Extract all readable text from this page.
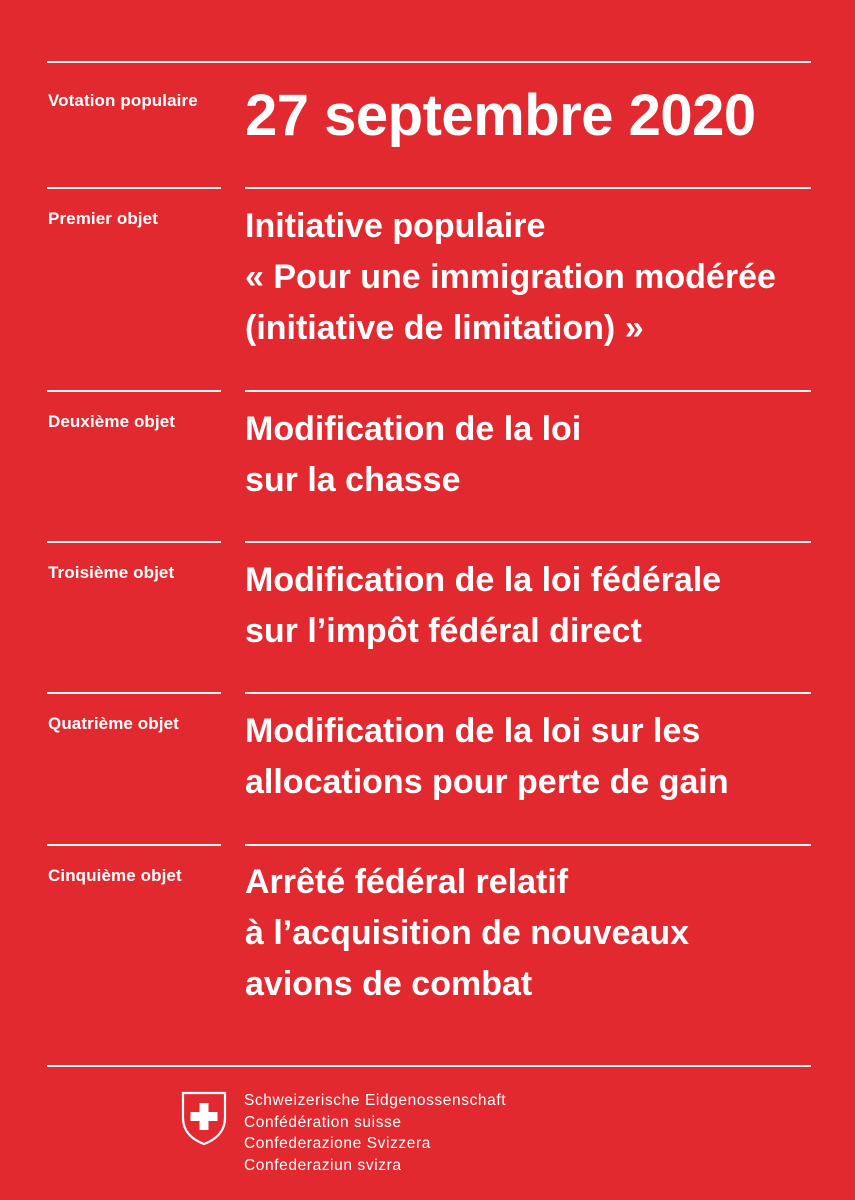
Votation populaire 27 septembre 2020
Premier objet	Initiative populaire
« Pour une immigration modérée
(initiative de limitation) »
Deuxième objet Modification de la loi
sur la chasse
Troisième objet Modification de la loi fédérale
sur l’impôt fédéral direct
Quatrième objet Modification de la loi sur les
allocations pour perte de gain
Cinquième objet Arrêté fédéral relatif
à l’acquisition de nouveaux
avions de combat
Schweizerische Eidgenossenschaft
Confédération suisse
Confederazione Svizzera
Confederaziun svizra
